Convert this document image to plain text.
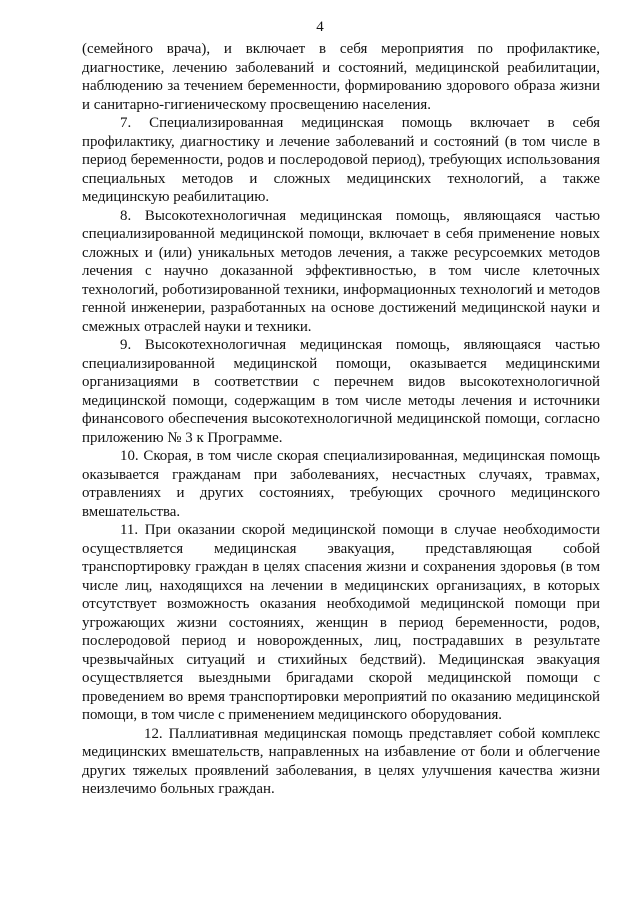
4

(семейного врача), и включает в себя мероприятия по профилактике, диагностике, лечению заболеваний и состояний, медицинской реабилитации, наблюдению за течением беременности, формированию здорового образа жизни и санитарно-гигиеническому просвещению населения.

7. Специализированная медицинская помощь включает в себя профилактику, диагностику и лечение заболеваний и состояний (в том числе в период беременности, родов и послеродовой период), требующих использования специальных методов и сложных медицинских технологий, а также медицинскую реабилитацию.

8. Высокотехнологичная медицинская помощь, являющаяся частью специализированной медицинской помощи, включает в себя применение новых сложных и (или) уникальных методов лечения, а также ресурсоемких методов лечения с научно доказанной эффективностью, в том числе клеточных технологий, роботизированной техники, информационных технологий и методов генной инженерии, разработанных на основе достижений медицинской науки и смежных отраслей науки и техники.

9. Высокотехнологичная медицинская помощь, являющаяся частью специализированной медицинской помощи, оказывается медицинскими организациями в соответствии с перечнем видов высокотехнологичной медицинской помощи, содержащим в том числе методы лечения и источники финансового обеспечения высокотехнологичной медицинской помощи, согласно приложению № 3 к Программе.

10. Скорая, в том числе скорая специализированная, медицинская помощь оказывается гражданам при заболеваниях, несчастных случаях, травмах, отравлениях и других состояниях, требующих срочного медицинского вмешательства.

11. При оказании скорой медицинской помощи в случае необходимости осуществляется медицинская эвакуация, представляющая собой транспортировку граждан в целях спасения жизни и сохранения здоровья (в том числе лиц, находящихся на лечении в медицинских организациях, в которых отсутствует возможность оказания необходимой медицинской помощи при угрожающих жизни состояниях, женщин в период беременности, родов, послеродовой период и новорожденных, лиц, пострадавших в результате чрезвычайных ситуаций и стихийных бедствий). Медицинская эвакуация осуществляется выездными бригадами скорой медицинской помощи с проведением во время транспортировки мероприятий по оказанию медицинской помощи, в том числе с применением медицинского оборудования.

12. Паллиативная медицинская помощь представляет собой комплекс медицинских вмешательств, направленных на избавление от боли и облегчение других тяжелых проявлений заболевания, в целях улучшения качества жизни неизлечимо больных граждан.
